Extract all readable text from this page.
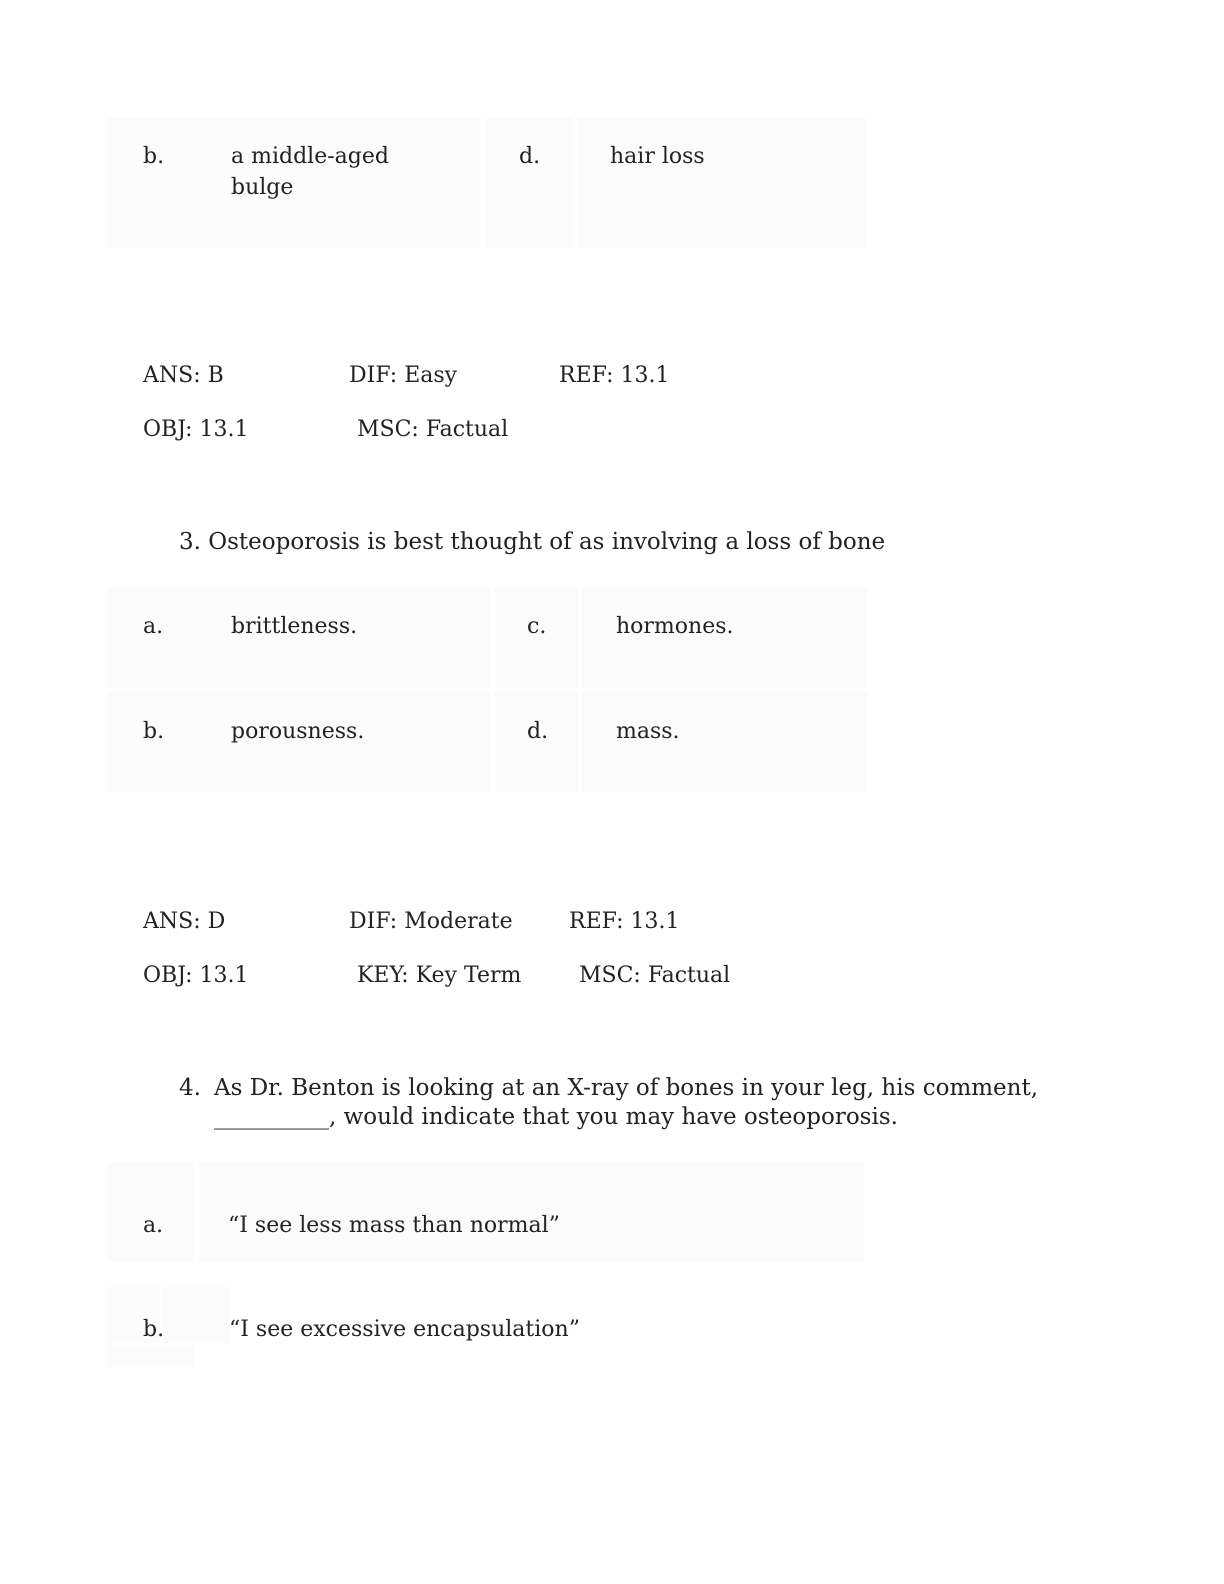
b.	a middle-aged
bulge
d.	hair loss
ANS: B	DIF: Easy	REF: 13.1
OBJ: 13.1	MSC: Factual
3. Osteoporosis is best thought of as involving a loss of bone
a.	brittleness.	c.	hormones.
b.	porousness.	d.	mass.
ANS: D	DIF: Moderate	REF: 13.1
OBJ: 13.1	KEY: Key Term	MSC: Factual
4. As Dr. Benton is looking at an X-ray of bones in your leg, his comment,
__________, would indicate that you may have osteoporosis.
a.	“I see less mass than normal”
b.	“I see excessive encapsulation”
